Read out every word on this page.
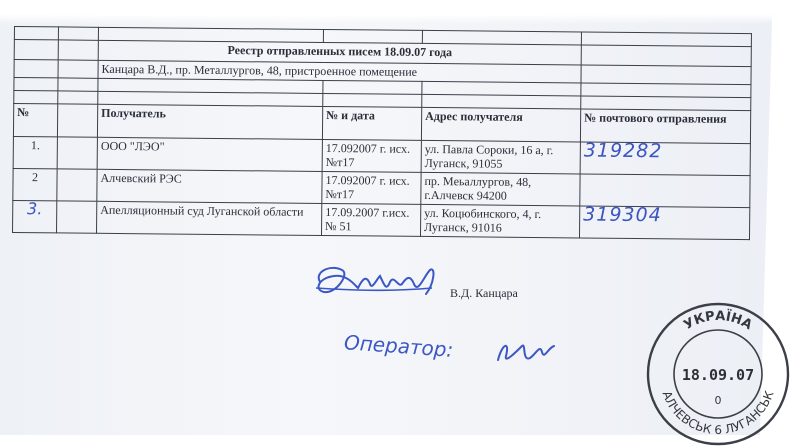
		Реестр отправленных писем 18.09.07 года			
		Канцара В.Д., пр. Металлургов, 48, пристроенное помещение			

№		Получатель	№ и дата	Адрес получателя	№ почтового отправления
1.		ООО "ЛЭО"	17.092007 г. исх. №т17	ул. Павла Сороки, 16 а, г. Луганск, 91055	319282
2		Алчевский РЭС	17.092007 г. исх. №т17	пр. Мeьаллургов, 48, г.Алчевск 94200	
3.		Апелляционный суд Луганской области	17.09.2007 г.исх. № 51	ул. Коцюбинского, 4, г. Луганск, 91016	319304
В.Д. Канцара
Оператор:
УКРАЇНА
АЛЧЕВСЬК 6 ЛУГАНСЬК
18.09.07
0
